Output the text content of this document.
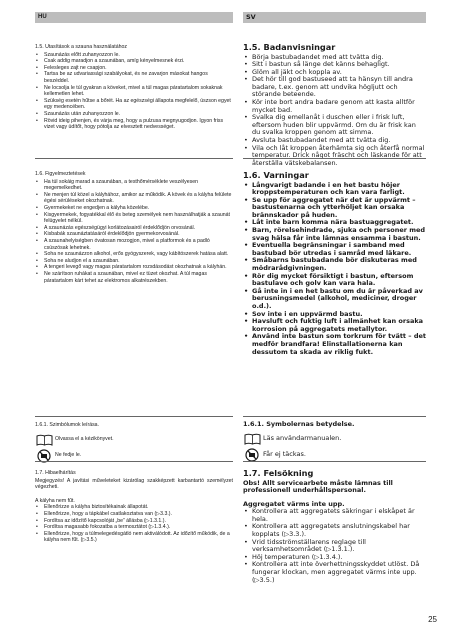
HU
1.5. Utasítások a szauna használatához
• Szaunázás előtt zuhanyozzon le.
• Csak addig maradjon a szaunában, amíg kényelmesnek érzi.
• Felesleges zajt ne csapjon.
• Tartsa be az udvariassági szabályokat, és ne zavarjon másokat hangos beszéddel.
• Ne locsolja le túl gyakran a köveket, mivel a túl magas páratartalom sokaknak kellemetlen lehet.
• Szükség esetén hűtse a bőrét. Ha az egészségi állapota megfelelő, úszson egyet egy medencében.
• Szaunázás után zuhanyozzon le.
• Rövid ideig pihenjen, és várja meg, hogy a pulzusa megnyugodjon. Igyon friss vizet vagy üdítőt, hogy pótolja az elvesztett nedvességet.
1.6. Figyelmeztetések
• Ha túl sokáig marad a szaunában, a testhőmérséklete veszélyesen megemelkedhet.
• Ne menjen túl közel a kályhához, amikor az működik. A kövek és a kályha felülete égési sérüléseket okozhatnak.
• Gyermekeket ne engedjen a kályha közelébe.
• Kisgyermekek, fogyatékkal élő és beteg személyek nem használhatják a szaunát felügyelet nélkül.
• A szaunázás egészségügyi korlátozásairól érdeklődjön orvosánál.
• Kisbabák szaunáztatásáról érdeklődjön gyermekorvosánál.
• A szaunahelyiségben óvatosan mozogjon, mivel a platformok és a padló csúszósak lehetnek.
• Soha ne szaunázzon alkohol, erős gyógyszerek, vagy kábítószerek hatása alatt.
• Soha ne aludjon el a szaunában.
• A tengeri levegő vagy magas páratartalom rozsdásodást okozhatnak a kályhán.
• Ne szárítson ruhákat a szaunában, mivel ez tüzet okozhat. A túl magas páratartalom kárt tehet az elektromos alkatrészekben.
1.6.1. Szimbólumok leírása.
Olvassa el a kézikönyvet.
Ne fedje le.
1.7. Hibaelhárítás
Megjegyzés! A javítási műveleteket kizárólag szakképzett karbantartó személyzet végezheti.
A kályha nem fűt.
• Ellenőrizze a kályha biztosítékainak állapotát.
• Ellenőrizze, hogy a tápkábel csatlakoztatva van (▷3.3.).
• Fordítsa az időzítő kapcsolóját „be” állásba (▷1.3.1.).
• Fordítsa magasabb fokozatba a termosztátot (▷1.3.4.).
• Ellenőrizze, hogy a túlmelegedésgátló nem aktiválódott. Az időzítő működik, de a kályha nem fűt. (▷3.5.)
SV
1.5. Badanvisningar
• Börja bastubadandet med att tvätta dig.
• Sitt i bastun så länge det känns behagligt.
• Glöm all jäkt och koppla av.
• Det hör till god bastuseed att ta hänsyn till andra badare, t.ex. genom att undvika högljutt och störande beteende.
• Kör inte bort andra badare genom att kasta alltför mycket bad.
• Svalka dig emellanåt i duschen eller i frisk luft, eftersom huden blir uppvärmd. Om du är frisk kan du svalka kroppen genom att simma.
• Avsluta bastubadandet med att tvätta dig.
• Vila och låt kroppen återhämta sig och återfå normal temperatur. Drick något fräscht och läskande för att återställa vätskebalansen.
1.6. Varningar
• Långvarigt badande i en het bastu höjer kroppstemperaturen och kan vara farligt.
• Se upp för aggregatet när det är uppvärmt – bastustenarna och ytterhöljet kan orsaka brännskador på huden.
• Låt inte barn komma nära bastuaggregatet.
• Barn, rörelsehindrade, sjuka och personer med svag hälsa får inte lämnas ensamma i bastun.
• Eventuella begränsningar i samband med bastubad bör utredas i samråd med läkare.
• Småbarns bastubadande bör diskuteras med mödrarådgivningen.
• Rör dig mycket försiktigt i bastun, eftersom bastulave och golv kan vara hala.
• Gå inte in i en het bastu om du är påverkad av berusningsmedel (alkohol, mediciner, droger o.d.).
• Sov inte i en uppvärmd bastu.
• Havsluft och fuktig luft i allmänhet kan orsaka korrosion på aggregatets metallytor.
• Använd inte bastun som torkrum för tvätt – det medför brandfara! Elinstallationerna kan dessutom ta skada av riklig fukt.
1.6.1. Symbolernas betydelse.
Läs användarmanualen.
Får ej täckas.
1.7. Felsökning
Obs! Allt servicearbete måste lämnas till professionell underhållspersonal.
Aggregatet värms inte upp.
• Kontrollera att aggregatets säkringar i elskåpet är hela.
• Kontrollera att aggregatets anslutningskabel har kopplats (▷3.3.).
• Vrid tidsströmställarens reglage till verksamhetsområdet (▷1.3.1.).
• Höj temperaturen (▷1.3.4.).
• Kontrollera att inte överhettningsskyddet utlöst. Då fungerar klockan, men aggregatet värms inte upp. (▷3.5.)
25
